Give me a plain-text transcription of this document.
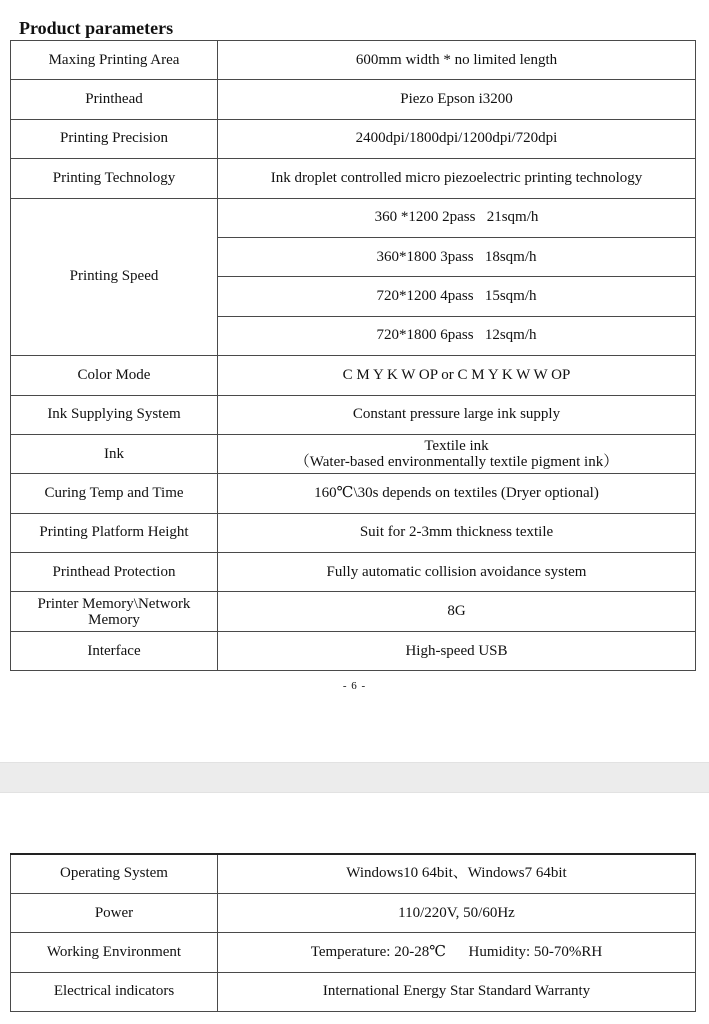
Product parameters
Maxing Printing Area	600mm width * no limited length
Printhead	Piezo Epson i3200
Printing Precision	2400dpi/1800dpi/1200dpi/720dpi
Printing Technology	Ink droplet controlled micro piezoelectric printing technology
Printing Speed	360 *1200 2pass   21sqm/h
	360*1800 3pass   18sqm/h
	720*1200 4pass   15sqm/h
	720*1800 6pass   12sqm/h
Color Mode	C M Y K W OP or C M Y K W W OP
Ink Supplying System	Constant pressure large ink supply
Ink	Textile ink
（Water-based environmentally textile pigment ink）

Curing Temp and Time	160℃\30s depends on textiles (Dryer optional)
Printing Platform Height	Suit for 2-3mm thickness textile
Printhead Protection	Fully automatic collision avoidance system

Printer Memory\Network
Memory	8G
Interface	High-speed USB
- 6 -
Operating System	Windows10 64bit、Windows7 64bit
Power	110/220V, 50/60Hz
Working Environment	Temperature: 20-28℃      Humidity: 50-70%RH
Electrical indicators	International Energy Star Standard Warranty
